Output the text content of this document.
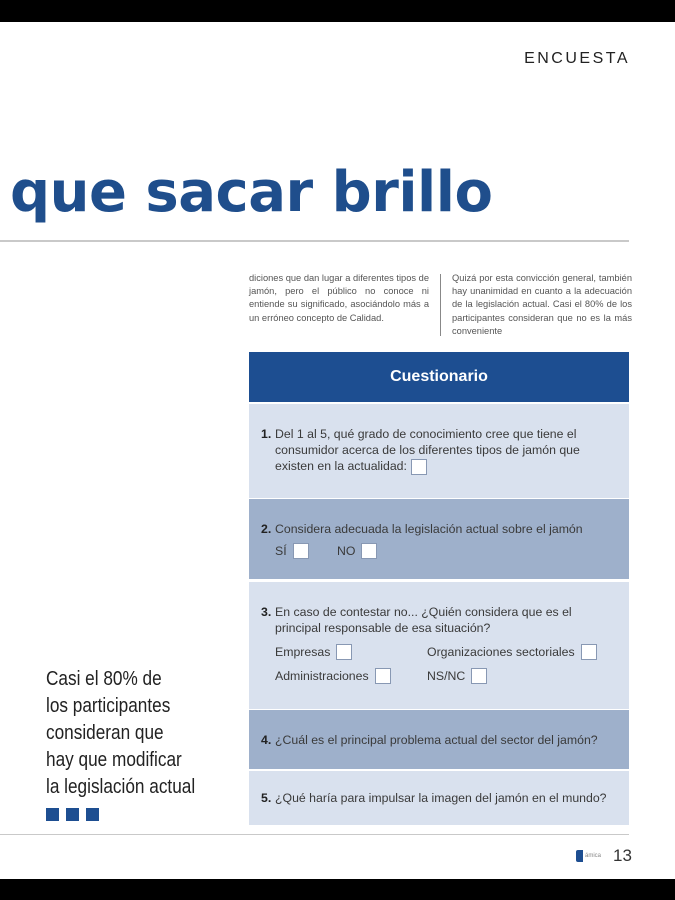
ENCUESTA
que sacar brillo
diciones que dan lugar a diferentes tipos de jamón, pero el público no conoce ni entiende su significado, asociándolo más a un erróneo concepto de Calidad.
Quizá por esta convicción general, también hay unanimidad en cuanto a la adecuación de la legislación actual. Casi el 80% de los participantes consideran que no es la más conveniente
Cuestionario
1. Del 1 al 5, qué grado de conocimiento cree que tiene el consumidor acerca de los diferentes tipos de jamón que existen en la actualidad:
2. Considera adecuada la legislación actual sobre el jamón
SÍ	NO
3. En caso de contestar no... ¿Quién considera que es el principal responsable de esa situación?
Empresas	Organizaciones sectoriales
Administraciones	NS/NC
4. ¿Cuál es el principal problema actual del sector del jamón?
5. ¿Qué haría para impulsar la imagen del jamón en el mundo?
Casi el 80% de
los participantes
consideran que
hay que modificar
la legislación actual
ámica 13
